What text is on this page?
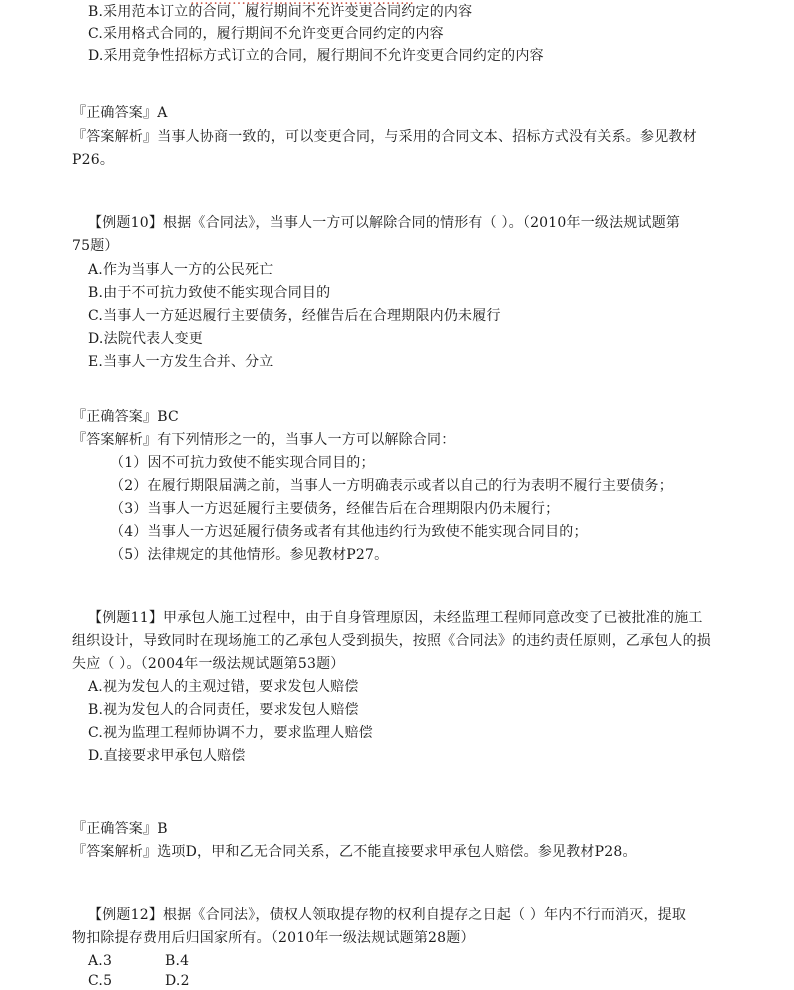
…………………………………………
B.采用范本订立的合同，履行期间不允许变更合同约定的内容
C.采用格式合同的，履行期间不允许变更合同约定的内容
D.采用竞争性招标方式订立的合同，履行期间不允许变更合同约定的内容
『正确答案』A
『答案解析』当事人协商一致的，可以变更合同，与采用的合同文本、招标方式没有关系。参见教材
P26。
【例题10】根据《合同法》，当事人一方可以解除合同的情形有（ ）。（2010年一级法规试题第
75题）
A.作为当事人一方的公民死亡
B.由于不可抗力致使不能实现合同目的
C.当事人一方延迟履行主要债务，经催告后在合理期限内仍未履行
D.法院代表人变更
E.当事人一方发生合并、分立
『正确答案』BC
『答案解析』有下列情形之一的，当事人一方可以解除合同：
（1）因不可抗力致使不能实现合同目的；
（2）在履行期限届满之前，当事人一方明确表示或者以自己的行为表明不履行主要债务；
（3）当事人一方迟延履行主要债务，经催告后在合理期限内仍未履行；
（4）当事人一方迟延履行债务或者有其他违约行为致使不能实现合同目的；
（5）法律规定的其他情形。参见教材P27。
【例题11】甲承包人施工过程中，由于自身管理原因，未经监理工程师同意改变了已被批准的施工
组织设计，导致同时在现场施工的乙承包人受到损失，按照《合同法》的违约责任原则，乙承包人的损
失应（ ）。（2004年一级法规试题第53题）
A.视为发包人的主观过错，要求发包人赔偿
B.视为发包人的合同责任，要求发包人赔偿
C.视为监理工程师协调不力，要求监理人赔偿
D.直接要求甲承包人赔偿
『正确答案』B
『答案解析』选项D，甲和乙无合同关系，乙不能直接要求甲承包人赔偿。参见教材P28。
【例题12】根据《合同法》，债权人领取提存物的权利自提存之日起（ ）年内不行而消灭，提取
物扣除提存费用后归国家所有。（2010年一级法规试题第28题）
A.3	B.4
C.5	D.2
